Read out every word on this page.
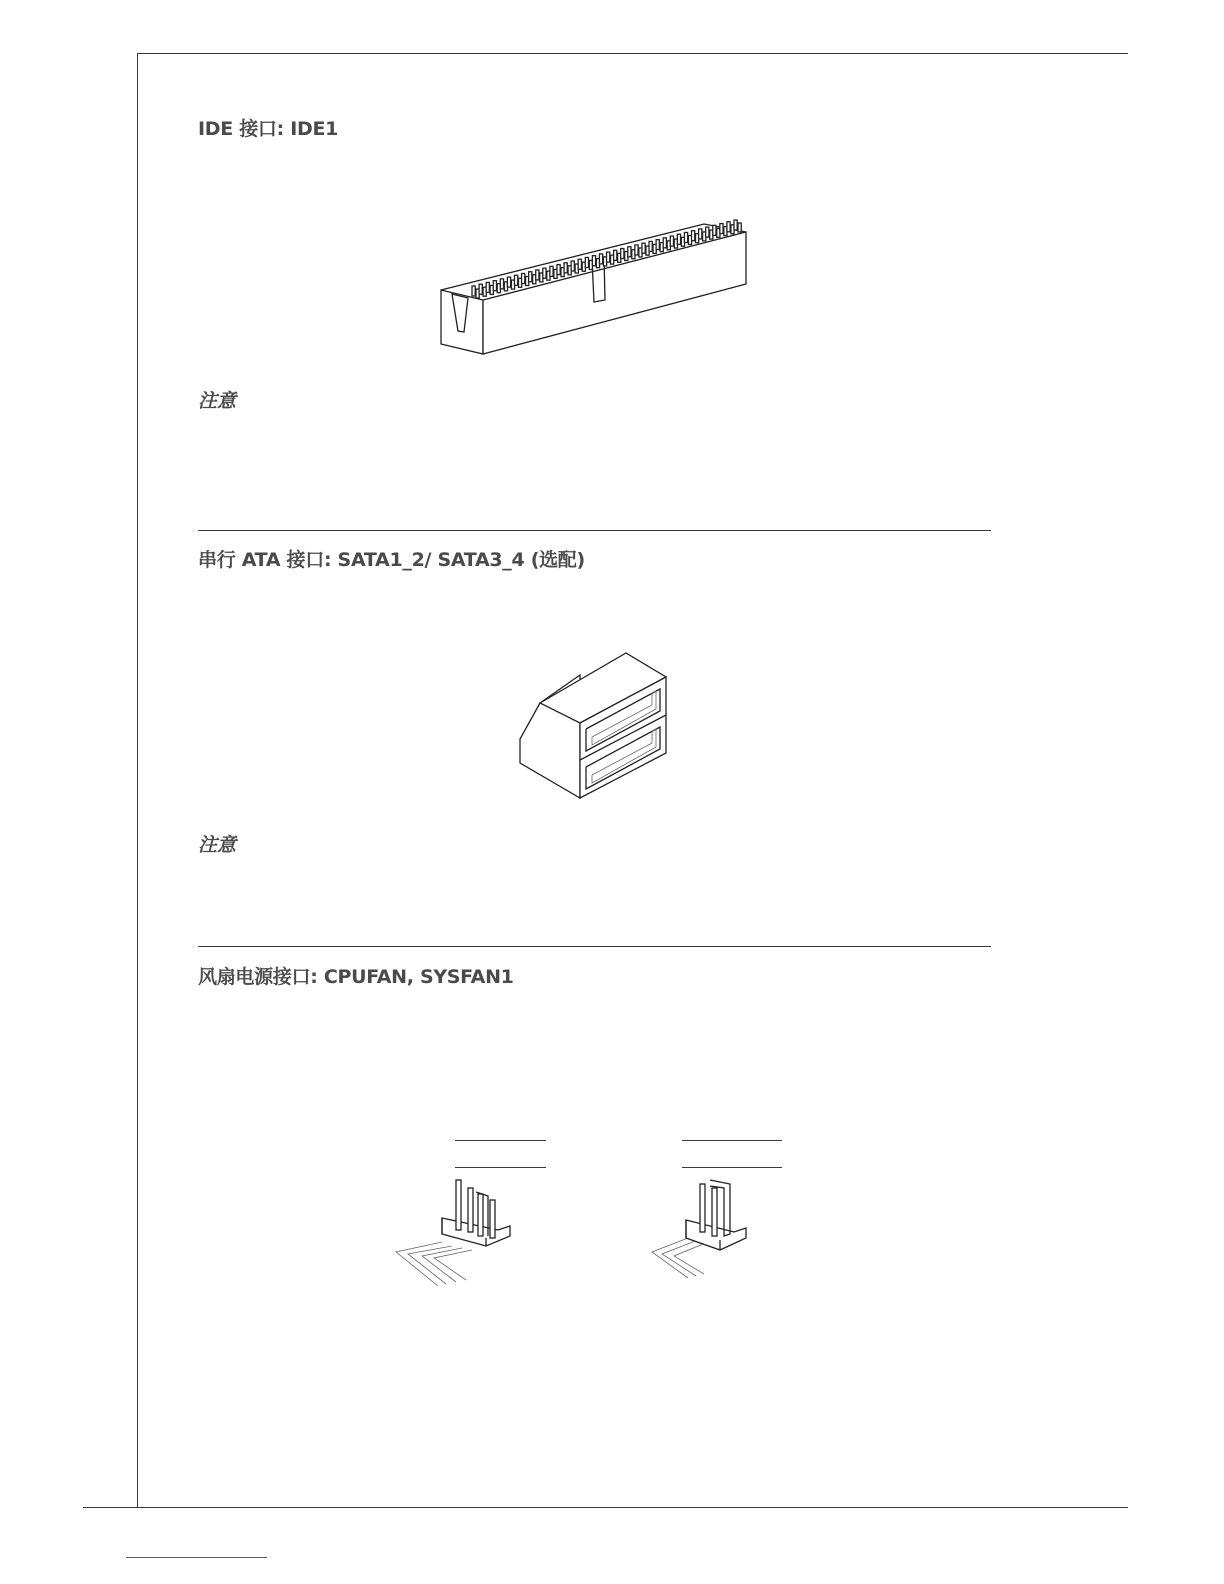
IDE 接口: IDE1
注意
串行 ATA 接口: SATA1_2/ SATA3_4 (选配)
注意
风扇电源接口: CPUFAN, SYSFAN1
